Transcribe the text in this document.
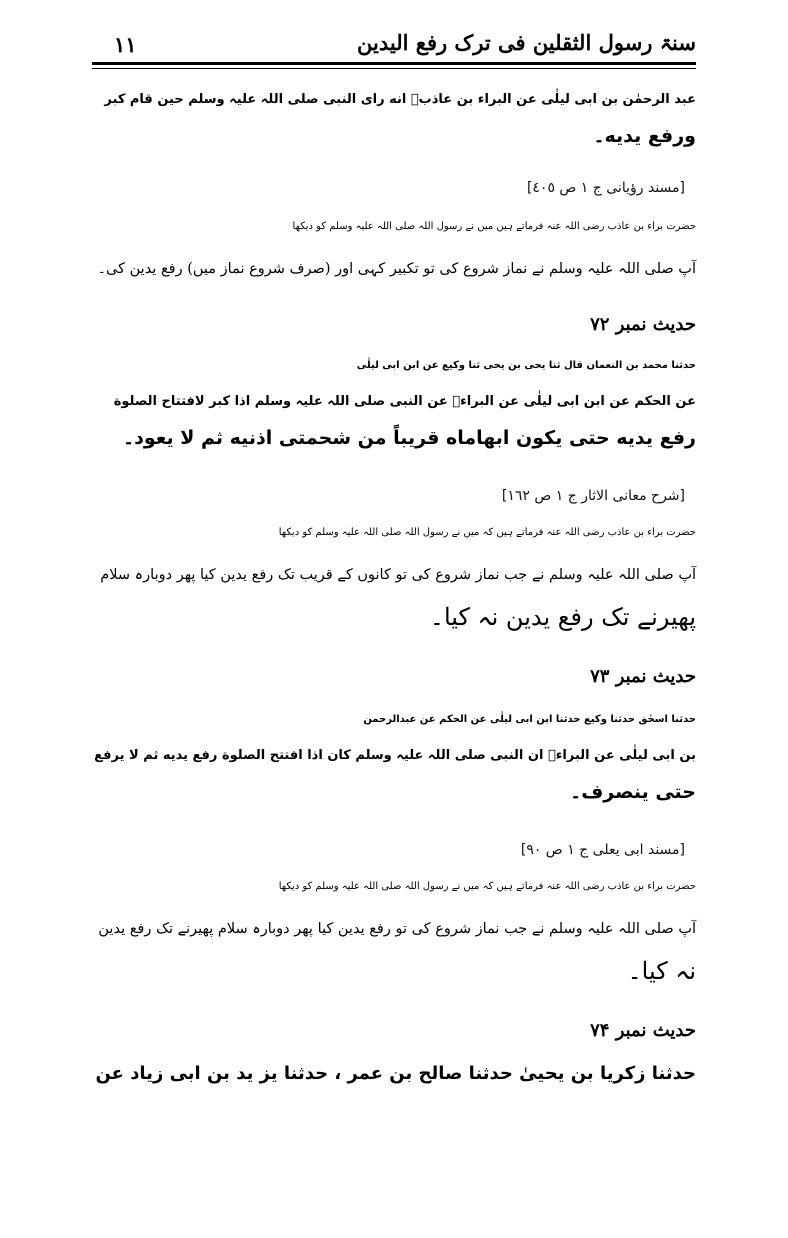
١١	سنۃ رسول الثقلین فی ترک رفع الیدین
عبد الرحمٰن بن ابی لیلٰی عن البراء بن عاذبؓ انه رای النبی صلی اللہ علیہ وسلم حین قام کبر
ورفع یدیه۔
[مسند رؤیانی ج ١ ص ٤٠٥]
حضرت براء بن عاذب رضی اللہ عنہ فرماتے ہیں میں نے رسول اللہ صلی اللہ علیہ وسلم کو دیکھا
آپ صلی اللہ علیہ وسلم نے نماز شروع کی تو تکبیر کہی اور (صرف شروع نماز میں) رفع یدین کی۔
حدیث نمبر ۷۲
حدثنا محمد بن النعمان قال ثنا یحی بن یحی ثنا وکیع عن ابن ابی لیلٰی
عن الحکم عن ابن ابی لیلٰی عن البراءؓ عن النبی صلی اللہ علیہ وسلم اذا کبر لافتتاح الصلوة
رفع یدیه حتی یکون ابهاماه قریباً من شحمتی اذنیه ثم لا یعود۔
[شرح معانی الاثار ج ١ ص ١٦٢]
حضرت براء بن عاذب رضی اللہ عنہ فرماتے ہیں کہ میں نے رسول اللہ صلی اللہ علیہ وسلم کو دیکھا
آپ صلی اللہ علیہ وسلم نے جب نماز شروع کی تو کانوں کے قریب تک رفع یدین کیا پھر دوبارہ سلام
پھیرنے تک رفع یدین نہ کیا۔
حدیث نمبر ۷۳
حدثنا اسحٰق حدثنا وکیع حدثنا ابن ابی لیلٰی عن الحکم عن عبدالرحمن
بن ابی لیلٰی عن البراءؓ ان النبی صلی اللہ علیہ وسلم کان اذا افتتح الصلوة رفع یدیه ثم لا یرفع
حتی ینصرف۔
[مسند ابی یعلی ج ١ ص ٩٠]
حضرت براء بن عاذب رضی اللہ عنہ فرماتے ہیں کہ میں نے رسول اللہ صلی اللہ علیہ وسلم کو دیکھا
آپ صلی اللہ علیہ وسلم نے جب نماز شروع کی تو رفع یدین کیا پھر دوبارہ سلام پھیرنے تک رفع یدین
نہ کیا۔
حدیث نمبر ۷۴
حدثنا زکریا بن یحییٰ حدثنا صالح بن عمر ، حدثنا یز ید بن ابی زیاد عن
